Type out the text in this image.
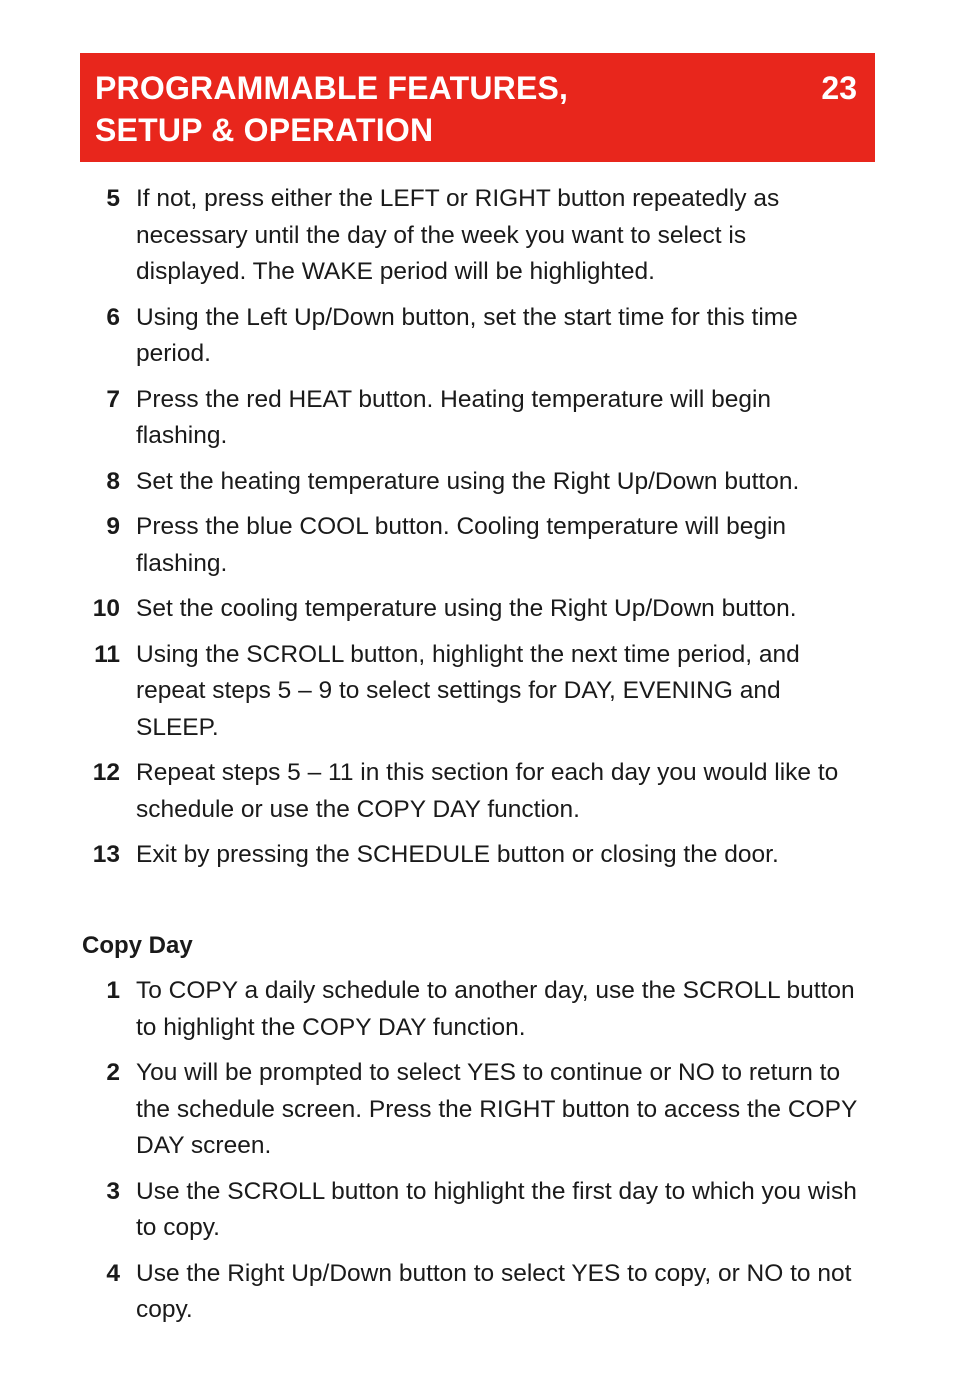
PROGRAMMABLE FEATURES,
SETUP & OPERATION
23
5 If not, press either the LEFT or RIGHT button repeatedly as necessary until the day of the week you want to select is displayed. The WAKE period will be highlighted.
6 Using the Left Up/Down button, set the start time for this time period.
7 Press the red HEAT button. Heating temperature will begin flashing.
8 Set the heating temperature using the Right Up/Down button.
9 Press the blue COOL button. Cooling temperature will begin flashing.
10 Set the cooling temperature using the Right Up/Down button.
11 Using the SCROLL button, highlight the next time period, and repeat steps 5 – 9 to select settings for DAY, EVENING and SLEEP.
12 Repeat steps 5 – 11 in this section for each day you would like to schedule or use the COPY DAY function.
13 Exit by pressing the SCHEDULE button or closing the door.
Copy Day
1 To COPY a daily schedule to another day, use the SCROLL button to highlight the COPY DAY function.
2 You will be prompted to select YES to continue or NO to return to the schedule screen. Press the RIGHT button to access the COPY DAY screen.
3 Use the SCROLL button to highlight the first day to which you wish to copy.
4 Use the Right Up/Down button to select YES to copy, or NO to not copy.
